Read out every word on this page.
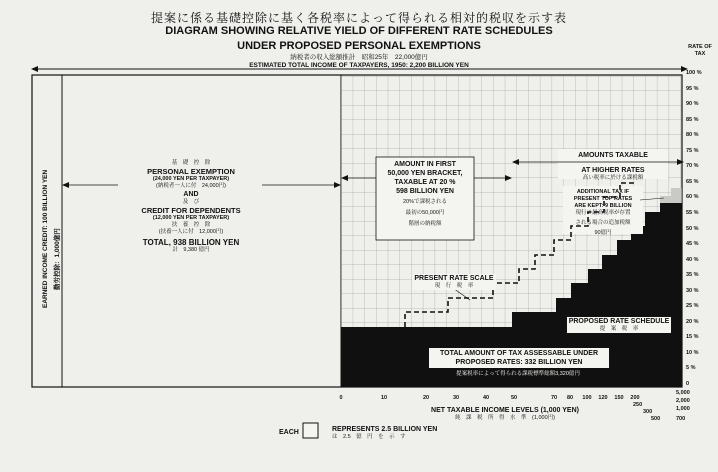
提案に係る基礎控除に基く各税率によって得られる相対的税収を示す表
DIAGRAM SHOWING RELATIVE YIELD OF DIFFERENT RATE SCHEDULES
UNDER PROPOSED PERSONAL EXEMPTIONS
納税者の収入総額推計　昭和25年　22,000億円
ESTIMATED TOTAL INCOME OF TAXPAYERS, 1950: 2,200 BILLION YEN
RATE OF TAX
100 %
95 %
90 %
85 %
80 %
75 %
70 %
65 %
60 %
55 %
50 %
45 %
40 %
35 %
30 %
25 %
20 %
15 %
10 %
5 %
0
EARNED INCOME CREDIT: 100 BILLION YEN 勤労控除：1,000億円
基　礎　控　除
PERSONAL EXEMPTION
(24,000 YEN PER TAXPAYER)
(納税者一人に付　24,000円)
AND
及　び
CREDIT FOR DEPENDENTS
(12,000 YEN PER TAXPAYER)
扶　養　控　除
(扶養一人に付　12,000円)
TOTAL, 938 BILLION YEN
計　9,380 億円
AMOUNT IN FIRST
50,000 YEN BRACKET,
TAXABLE AT 20 %
598 BILLION YEN
20%で課税される
最初の50,000円
階層の納税額
AMOUNTS TAXABLE
AT HIGHER RATES
高い税率に於ける課税額
ADDITIONAL TAX IF
PRESENT TOP RATES
ARE KEPT: 9 BILLION
現行の最高税率が存置
される場合の追加税額
90億円
PRESENT RATE SCALE
現　行　税　率
PROPOSED RATE SCHEDULE
提　案　税　率
TOTAL AMOUNT OF TAX ASSESSABLE UNDER
PROPOSED RATES: 332 BILLION YEN
提案税率によって得られる課税標準総額3,320億円
0	10	20	30	40	50	70	80	100	120	150	200
250
300
500	700
1,000
2,000
5,000
NET TAXABLE INCOME LEVELS (1,000 YEN)
純　課　税　所　得　水　準　(1,000円)
EACH	REPRESENTS 2.5 BILLION YEN
は　2.5　億　円　を　示　す
